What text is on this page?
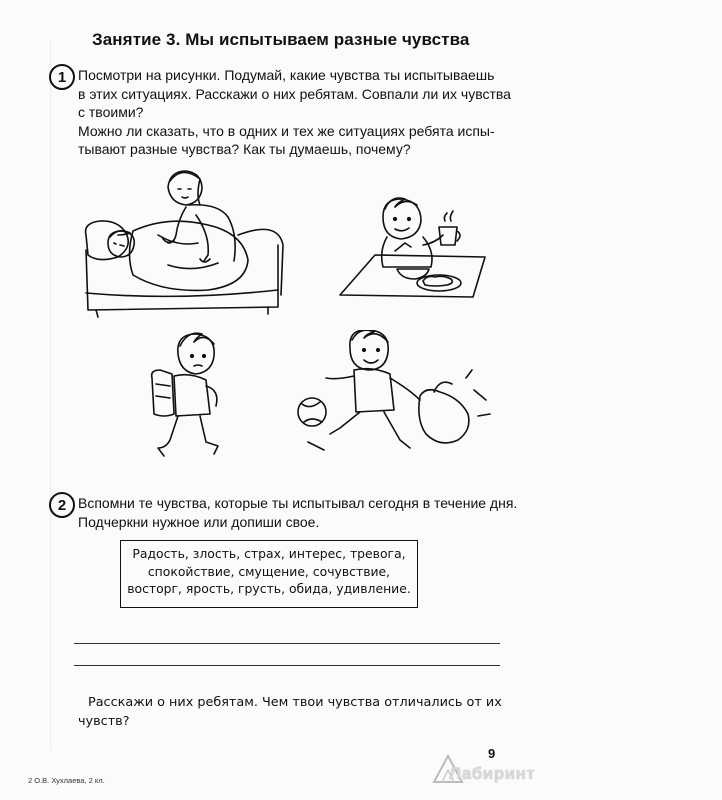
Занятие 3. Мы испытываем разные чувства
1 Посмотри на рисунки. Подумай, какие чувства ты испытываешь
в этих ситуациях. Расскажи о них ребятам. Совпали ли их чувства
с твоими?
Можно ли сказать, что в одних и тех же ситуациях ребята испы-
тывают разные чувства? Как ты думаешь, почему?
2 Вспомни те чувства, которые ты испытывал сегодня в течение дня.
Подчеркни нужное или допиши свое.
Радость, злость, страх, интерес, тревога,
спокойствие, смущение, сочувствие,
восторг, ярость, грусть, обида, удивление.
Расскажи о них ребятам. Чем твои чувства отличались от их
чувств?
9
2 О.В. Хухлаева, 2 кл.	Лабиринт
